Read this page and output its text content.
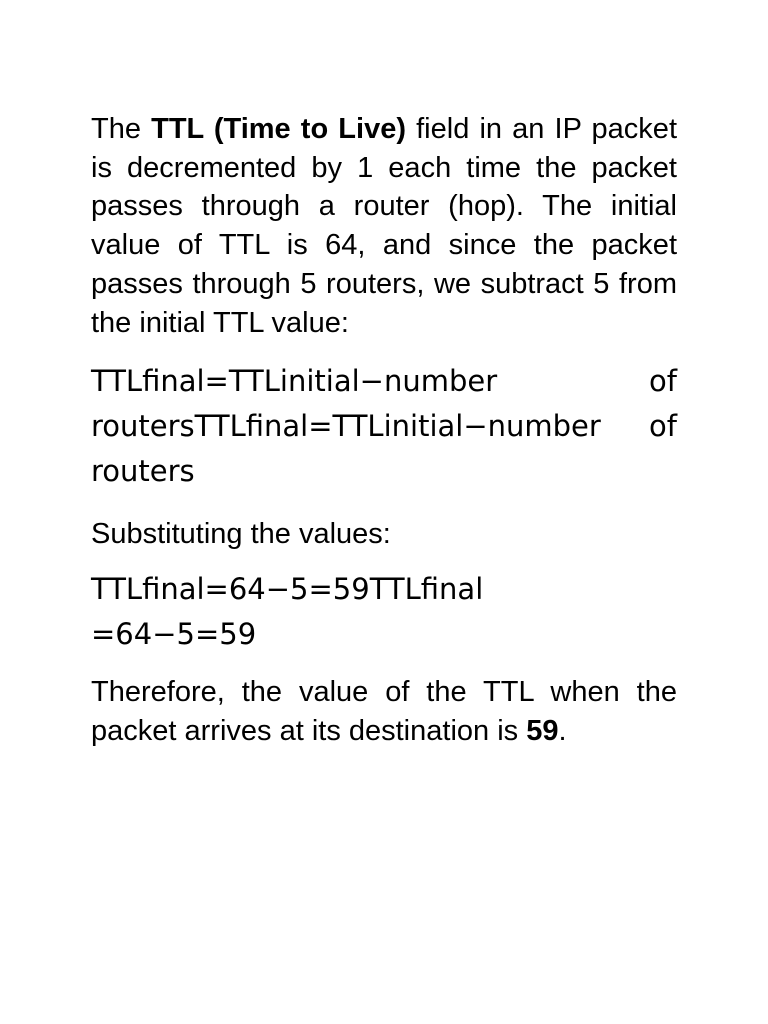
The TTL (Time to Live) field in an IP packet is decremented by 1 each time the packet passes through a router (hop). The initial value of TTL is 64, and since the packet passes through 5 routers, we subtract 5 from the initial TTL value:

TTLfinal=TTLinitial−number of routersTTLfinal=TTLinitial−number of routers

Substituting the values:

TTLfinal=64−5=59TTLfinal
=64−5=59

Therefore, the value of the TTL when the packet arrives at its destination is 59.
